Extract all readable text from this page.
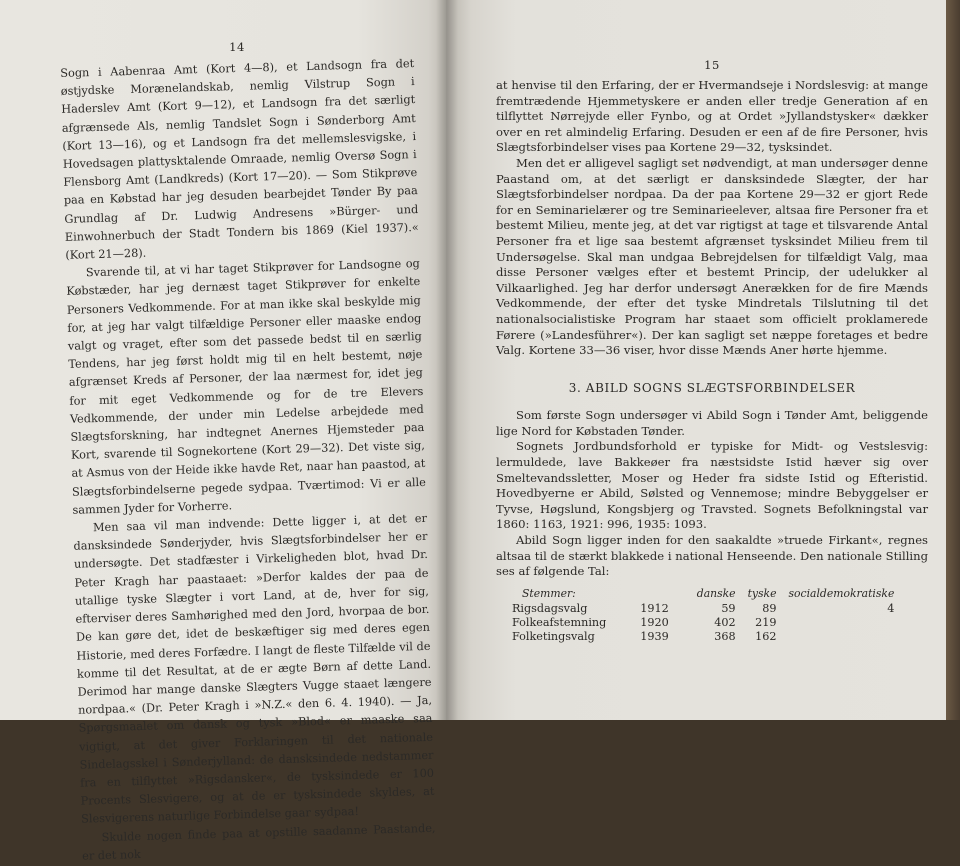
14

Sogn i Aabenraa Amt (Kort 4—8), et Landsogn fra det østjydske Morænelandskab, nemlig Vilstrup Sogn i Haderslev Amt (Kort 9—12), et Landsogn fra det særligt afgrænsede Als, nemlig Tandslet Sogn i Sønderborg Amt (Kort 13—16), og et Landsogn fra det mellemslesvigske, i Hovedsagen plattysktalende Omraade, nemlig Oversø Sogn i Flensborg Amt (Landkreds) (Kort 17—20). — Som Stikprøve paa en Købstad har jeg desuden bearbejdet Tønder By paa Grundlag af Dr. Ludwig Andresens »Bürger- und Einwohnerbuch der Stadt Tondern bis 1869 (Kiel 1937).« (Kort 21—28).

Svarende til, at vi har taget Stikprøver for Landsogne og Købstæder, har jeg dernæst taget Stikprøver for enkelte Personers Vedkommende. For at man ikke skal beskylde mig for, at jeg har valgt tilfældige Personer eller maaske endog valgt og vraget, efter som det passede bedst til en særlig Tendens, har jeg først holdt mig til en helt bestemt, nøje afgrænset Kreds af Personer, der laa nærmest for, idet jeg for mit eget Vedkommende og for de tre Elevers Vedkommende, der under min Ledelse arbejdede med Slægtsforskning, har indtegnet Anernes Hjemsteder paa Kort, svarende til Sognekortene (Kort 29—32). Det viste sig, at Asmus von der Heide ikke havde Ret, naar han paastod, at Slægtsforbindelserne pegede sydpaa. Tværtimod: Vi er alle sammen Jyder for Vorherre.

Men saa vil man indvende: Dette ligger i, at det er dansksindede Sønderjyder, hvis Slægtsforbindelser her er undersøgte. Det stadfæster i Virkeligheden blot, hvad Dr. Peter Kragh har paastaaet: »Derfor kaldes der paa de utallige tyske Slægter i vort Land, at de, hver for sig, efterviser deres Samhørighed med den Jord, hvorpaa de bor. De kan gøre det, idet de beskæftiger sig med deres egen Historie, med deres Forfædre. I langt de fleste Tilfælde vil de komme til det Resultat, at de er ægte Børn af dette Land. Derimod har mange danske Slægters Vugge staaet længere nordpaa.« (Dr. Peter Kragh i »N.Z.« den 6. 4. 1940). — Ja, Spørgsmaalet om dansk og tysk »Blod« er maaske saa vigtigt, at det giver Forklaringen til det nationale Sindelagsskel i Sønderjylland: de dansksindede nedstammer fra en tilflyttet »Rigsdansker«, de tysksindede er 100 Procents Slesvigere, og at de er tysksindede skyldes, at Slesvigerens naturlige Forbindelse gaar sydpaa!

Skulde nogen finde paa at opstille saadanne Paastande, er det nok

15

at henvise til den Erfaring, der er Hvermandseje i Nordslesvig: at mange fremtrædende Hjemmetyskere er anden eller tredje Generation af en tilflyttet Nørrejyde eller Fynbo, og at Ordet »Jyllandstysker« dækker over en ret almindelig Erfaring. Desuden er een af de fire Personer, hvis Slægtsforbindelser vises paa Kortene 29—32, tysksindet.

Men det er alligevel sagligt set nødvendigt, at man undersøger denne Paastand om, at det særligt er dansksindede Slægter, der har Slægtsforbindelser nordpaa. Da der paa Kortene 29—32 er gjort Rede for en Seminarielærer og tre Seminarieelever, altsaa fire Personer fra et bestemt Milieu, mente jeg, at det var rigtigst at tage et tilsvarende Antal Personer fra et lige saa bestemt afgrænset tysksindet Milieu frem til Undersøgelse. Skal man undgaa Bebrejdelsen for tilfældigt Valg, maa disse Personer vælges efter et bestemt Princip, der udelukker al Vilkaarlighed. Jeg har derfor undersøgt Anerækken for de fire Mænds Vedkommende, der efter det tyske Mindretals Tilslutning til det nationalsocialistiske Program har staaet som officielt proklamerede Førere (»Landesführer«). Der kan sagligt set næppe foretages et bedre Valg. Kortene 33—36 viser, hvor disse Mænds Aner hørte hjemme.

3. ABILD SOGNS SLÆGTSFORBINDELSER

Som første Sogn undersøger vi Abild Sogn i Tønder Amt, beliggende lige Nord for Købstaden Tønder.

Sognets Jordbundsforhold er typiske for Midt- og Vestslesvig: lermuldede, lave Bakkeøer fra næstsidste Istid hæver sig over Smeltevandssletter, Moser og Heder fra sidste Istid og Efteristid. Hovedbyerne er Abild, Sølsted og Vennemose; mindre Bebyggelser er Tyvse, Høgslund, Kongsbjerg og Travsted. Sognets Befolkningstal var 1860: 1163, 1921: 996, 1935: 1093.

Abild Sogn ligger inden for den saakaldte »truede Firkant«, regnes altsaa til de stærkt blakkede i national Henseende. Den nationale Stilling ses af følgende Tal:

Stemmer:		danske	tyske	socialdemokratiske
Rigsdagsvalg	1912	59	89	4
Folkeafstemning	1920	402	219	
Folketingsvalg	1939	368	162	
